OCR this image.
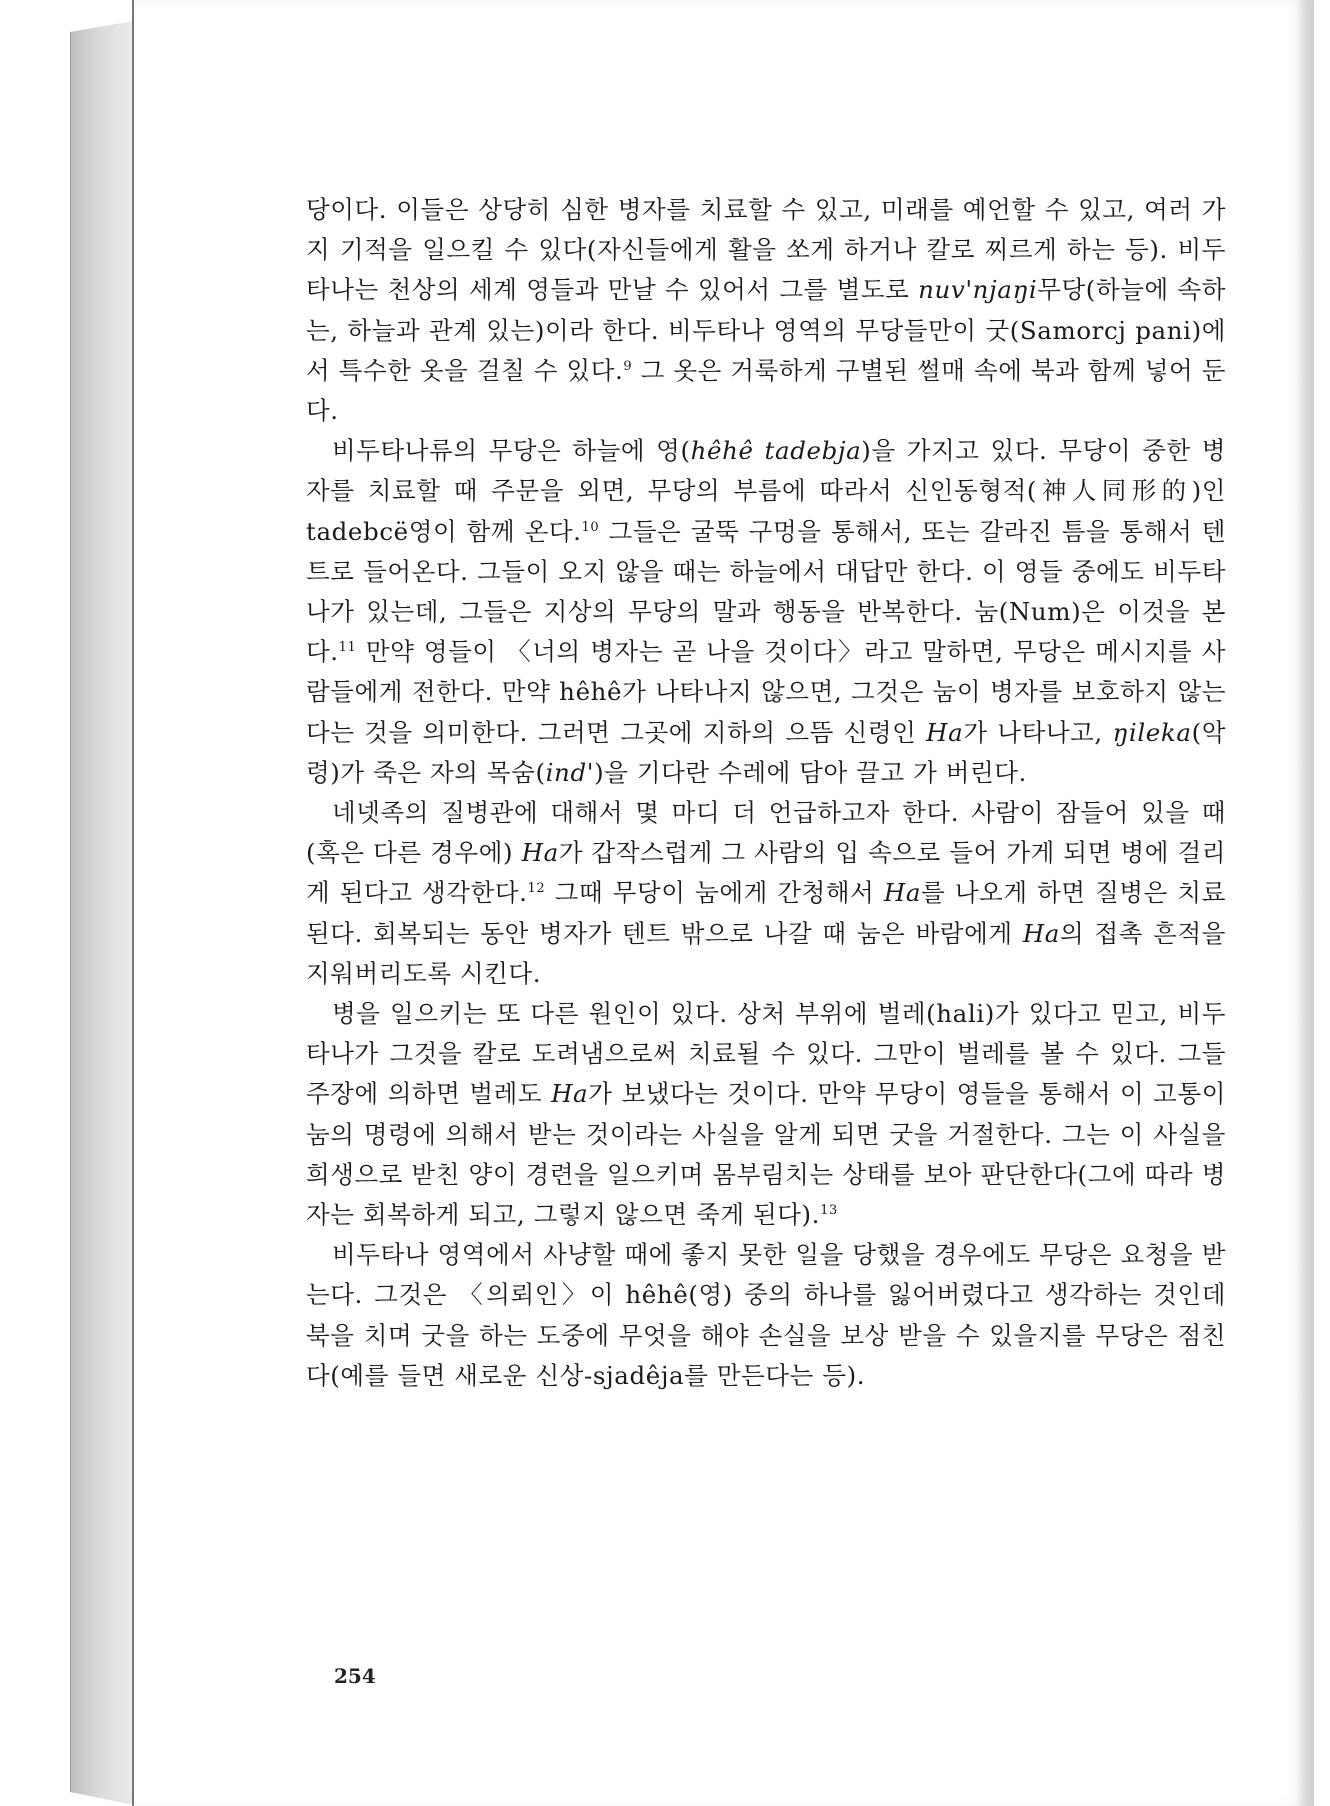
당이다. 이들은 상당히 심한 병자를 치료할 수 있고, 미래를 예언할 수 있고, 여러 가지 기적을 일으킬 수 있다(자신들에게 활을 쏘게 하거나 칼로 찌르게 하는 등). 비두타나는 천상의 세계 영들과 만날 수 있어서 그를 별도로 nuv'njaŋi무당(하늘에 속하는, 하늘과 관계 있는)이라 한다. 비두타나 영역의 무당들만이 굿(Samorcj pani)에서 특수한 옷을 걸칠 수 있다.$^9$ 그 옷은 거룩하게 구별된 썰매 속에 북과 함께 넣어 둔다.

비두타나류의 무당은 하늘에 영(hêhê tadebja)을 가지고 있다. 무당이 중한 병자를 치료할 때 주문을 외면, 무당의 부름에 따라서 신인동형적(神人同形的)인 tadebcë영이 함께 온다.$^{10}$ 그들은 굴뚝 구멍을 통해서, 또는 갈라진 틈을 통해서 텐트로 들어온다. 그들이 오지 않을 때는 하늘에서 대답만 한다. 이 영들 중에도 비두타나가 있는데, 그들은 지상의 무당의 말과 행동을 반복한다. 눔(Num)은 이것을 본다.$^{11}$ 만약 영들이 〈너의 병자는 곧 나을 것이다〉라고 말하면, 무당은 메시지를 사람들에게 전한다. 만약 hêhê가 나타나지 않으면, 그것은 눔이 병자를 보호하지 않는다는 것을 의미한다. 그러면 그곳에 지하의 으뜸 신령인 Ha가 나타나고, ŋileka(악령)가 죽은 자의 목숨(ind')을 기다란 수레에 담아 끌고 가 버린다.

네넷족의 질병관에 대해서 몇 마디 더 언급하고자 한다. 사람이 잠들어 있을 때 (혹은 다른 경우에) Ha가 갑작스럽게 그 사람의 입 속으로 들어 가게 되면 병에 걸리게 된다고 생각한다.$^{12}$ 그때 무당이 눔에게 간청해서 Ha를 나오게 하면 질병은 치료된다. 회복되는 동안 병자가 텐트 밖으로 나갈 때 눔은 바람에게 Ha의 접촉 흔적을 지워버리도록 시킨다.

병을 일으키는 또 다른 원인이 있다. 상처 부위에 벌레(hali)가 있다고 믿고, 비두타나가 그것을 칼로 도려냄으로써 치료될 수 있다. 그만이 벌레를 볼 수 있다. 그들 주장에 의하면 벌레도 Ha가 보냈다는 것이다. 만약 무당이 영들을 통해서 이 고통이 눔의 명령에 의해서 받는 것이라는 사실을 알게 되면 굿을 거절한다. 그는 이 사실을 희생으로 받친 양이 경련을 일으키며 몸부림치는 상태를 보아 판단한다(그에 따라 병자는 회복하게 되고, 그렇지 않으면 죽게 된다).$^{13}$

비두타나 영역에서 사냥할 때에 좋지 못한 일을 당했을 경우에도 무당은 요청을 받는다. 그것은 〈의뢰인〉이 hêhê(영) 중의 하나를 잃어버렸다고 생각하는 것인데 북을 치며 굿을 하는 도중에 무엇을 해야 손실을 보상 받을 수 있을지를 무당은 점친다(예를 들면 새로운 신상-sjadêja를 만든다는 등).

254
